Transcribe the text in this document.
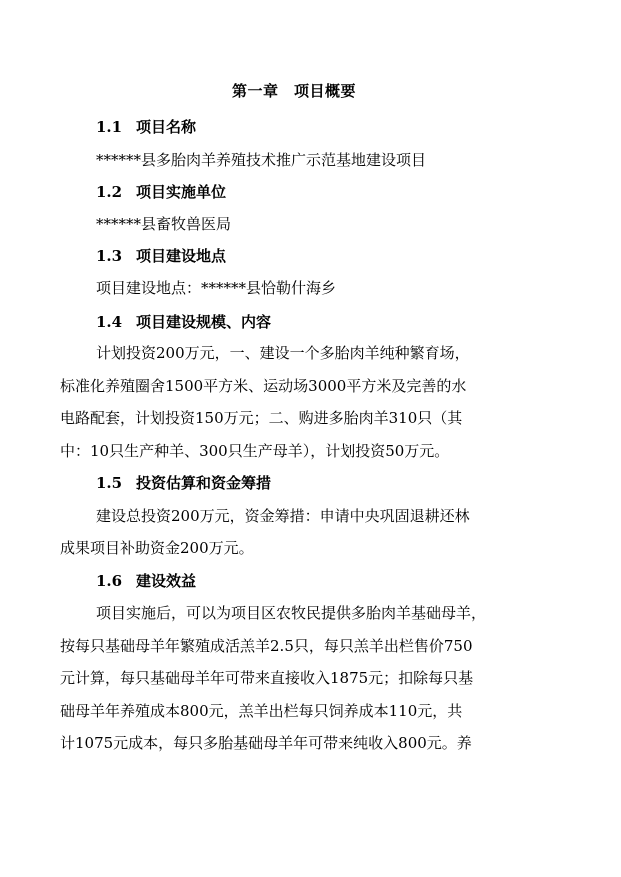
第一章　项目概要
1.1 项目名称
******县多胎肉羊养殖技术推广示范基地建设项目
1.2 项目实施单位
******县畜牧兽医局
1.3 项目建设地点
项目建设地点：******县恰勒什海乡
1.4 项目建设规模、内容
计划投资200万元，一、建设一个多胎肉羊纯种繁育场，
标准化养殖圈舍1500平方米、运动场3000平方米及完善的水
电路配套，计划投资150万元；二、购进多胎肉羊310只（其
中：10只生产种羊、300只生产母羊），计划投资50万元。
1.5 投资估算和资金筹措
建设总投资200万元，资金筹措：申请中央巩固退耕还林
成果项目补助资金200万元。
1.6 建设效益
项目实施后，可以为项目区农牧民提供多胎肉羊基础母羊，
按每只基础母羊年繁殖成活羔羊2.5只，每只羔羊出栏售价750
元计算，每只基础母羊年可带来直接收入1875元；扣除每只基
础母羊年养殖成本800元，羔羊出栏每只饲养成本110元，共
计1075元成本，每只多胎基础母羊年可带来纯收入800元。养
